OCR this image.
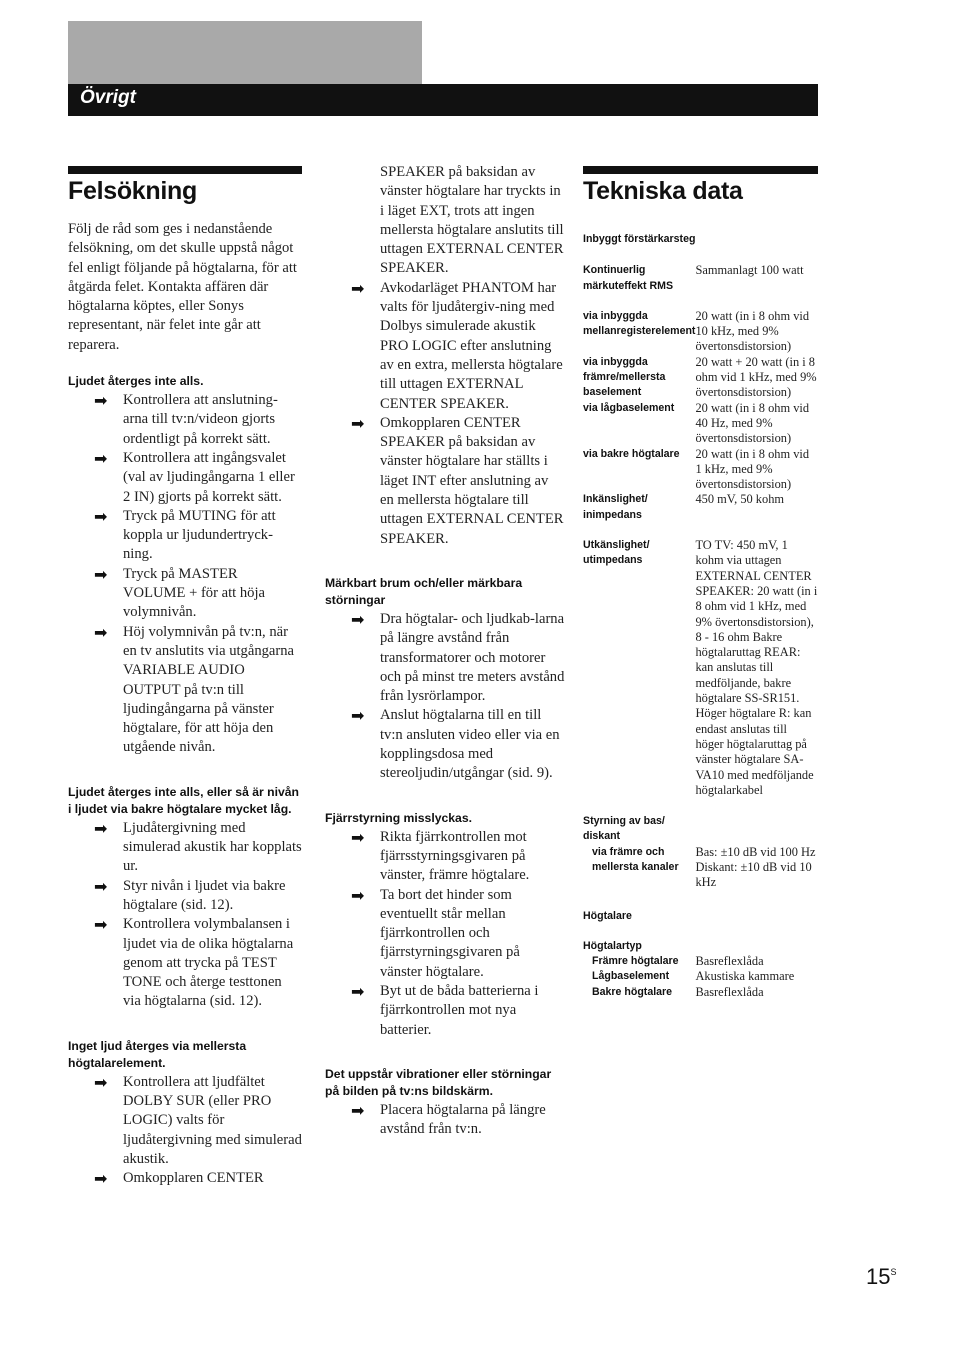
Övrigt
Felsökning

Följ de råd som ges i nedanstående felsökning, om det skulle uppstå något fel enligt följande på högtalarna, för att åtgärda felet. Kontakta affären där högtalarna köptes, eller Sonys representant, när felet inte går att reparera.

Ljudet återges inte alls.
➡ Kontrollera att anslutning-arna till tv:n/videon gjorts ordentligt på korrekt sätt.
➡ Kontrollera att ingångsvalet (val av ljudingångarna 1 eller 2 IN) gjorts på korrekt sätt.
➡ Tryck på MUTING för att koppla ur ljudundertryck-ning.
➡ Tryck på MASTER VOLUME + för att höja volymnivån.
➡ Höj volymnivån på tv:n, när en tv anslutits via utgångarna VARIABLE AUDIO OUTPUT på tv:n till ljudingångarna på vänster högtalare, för att höja den utgående nivån.
Ljudet återges inte alls, eller så är nivån i ljudet via bakre högtalare mycket låg.
➡ Ljudåtergivning med simulerad akustik har kopplats ur.
➡ Styr nivån i ljudet via bakre högtalare (sid. 12).
➡ Kontrollera volymbalansen i ljudet via de olika högtalarna genom att trycka på TEST TONE och återge testtonen via högtalarna (sid. 12).
Inget ljud återges via mellersta högtalarelement.
➡ Kontrollera att ljudfältet DOLBY SUR (eller PRO LOGIC) valts för ljudåtergivning med simulerad akustik.
➡ Omkopplaren CENTER
SPEAKER på baksidan av vänster högtalare har tryckts in i läget EXT, trots att ingen mellersta högtalare anslutits till uttagen EXTERNAL CENTER SPEAKER.
➡ Avkodarläget PHANTOM har valts för ljudåtergiv-ning med Dolbys simulerade akustik PRO LOGIC efter anslutning av en extra, mellersta högtalare till uttagen EXTERNAL CENTER SPEAKER.
➡ Omkopplaren CENTER SPEAKER på baksidan av vänster högtalare har ställts i läget INT efter anslutning av en mellersta högtalare till uttagen EXTERNAL CENTER SPEAKER.
Märkbart brum och/eller märkbara störningar
➡ Dra högtalar- och ljudkab-larna på längre avstånd från transformatorer och motorer och på minst tre meters avstånd från lysrörlampor.
➡ Anslut högtalarna till en till tv:n ansluten video eller via en kopplingsdosa med stereoljudin/utgångar (sid. 9).
Fjärrstyrning misslyckas.
➡ Rikta fjärrkontrollen mot fjärrsstyrningsgivaren på vänster, främre högtalare.
➡ Ta bort det hinder som eventuellt står mellan fjärrkontrollen och fjärrstyrningsgivaren på vänster högtalare.
➡ Byt ut de båda batterierna i fjärrkontrollen mot nya batterier.
Det uppstår vibrationer eller störningar på bilden på tv:ns bildskärm.
➡ Placera högtalarna på längre avstånd från tv:n.
Tekniska data
Inbyggt förstärkarsteg	

Kontinuerlig märkuteffekt RMS	Sammanlagt 100 watt

via inbyggda mellanregisterelement	20 watt (in i 8 ohm vid 10 kHz, med 9% övertonsdistorsion)
via inbyggda främre/mellersta baselement	20 watt + 20 watt (in i 8 ohm vid 1 kHz, med 9% övertonsdistorsion)
via lågbaselement	20 watt (in i 8 ohm vid 40 Hz, med 9% övertonsdistorsion)
via bakre högtalare	20 watt (in i 8 ohm vid 1 kHz, med 9% övertonsdistorsion)
Inkänslighet/ inimpedans	450 mV, 50 kohm

Utkänslighet/ utimpedans	TO TV: 450 mV, 1 kohm via uttagen EXTERNAL CENTER SPEAKER: 20 watt (in i 8 ohm vid 1 kHz, med 9% övertonsdistorsion), 8 - 16 ohm Bakre högtalaruttag REAR: kan anslutas till medföljande, bakre högtalare SS-SR151. Höger högtalare R: kan endast anslutas till höger högtalaruttag på vänster högtalare SA-VA10 med medföljande högtalarkabel

Styrning av bas/ diskant	
via främre och mellersta kanaler	Bas: ±10 dB vid 100 Hz Diskant: ±10 dB vid 10 kHz

Högtalare	

Högtalartyp	
Främre högtalare	Basreflexlåda
Lågbaselement	Akustiska kammare
Bakre högtalare	Basreflexlåda
$15^S$
